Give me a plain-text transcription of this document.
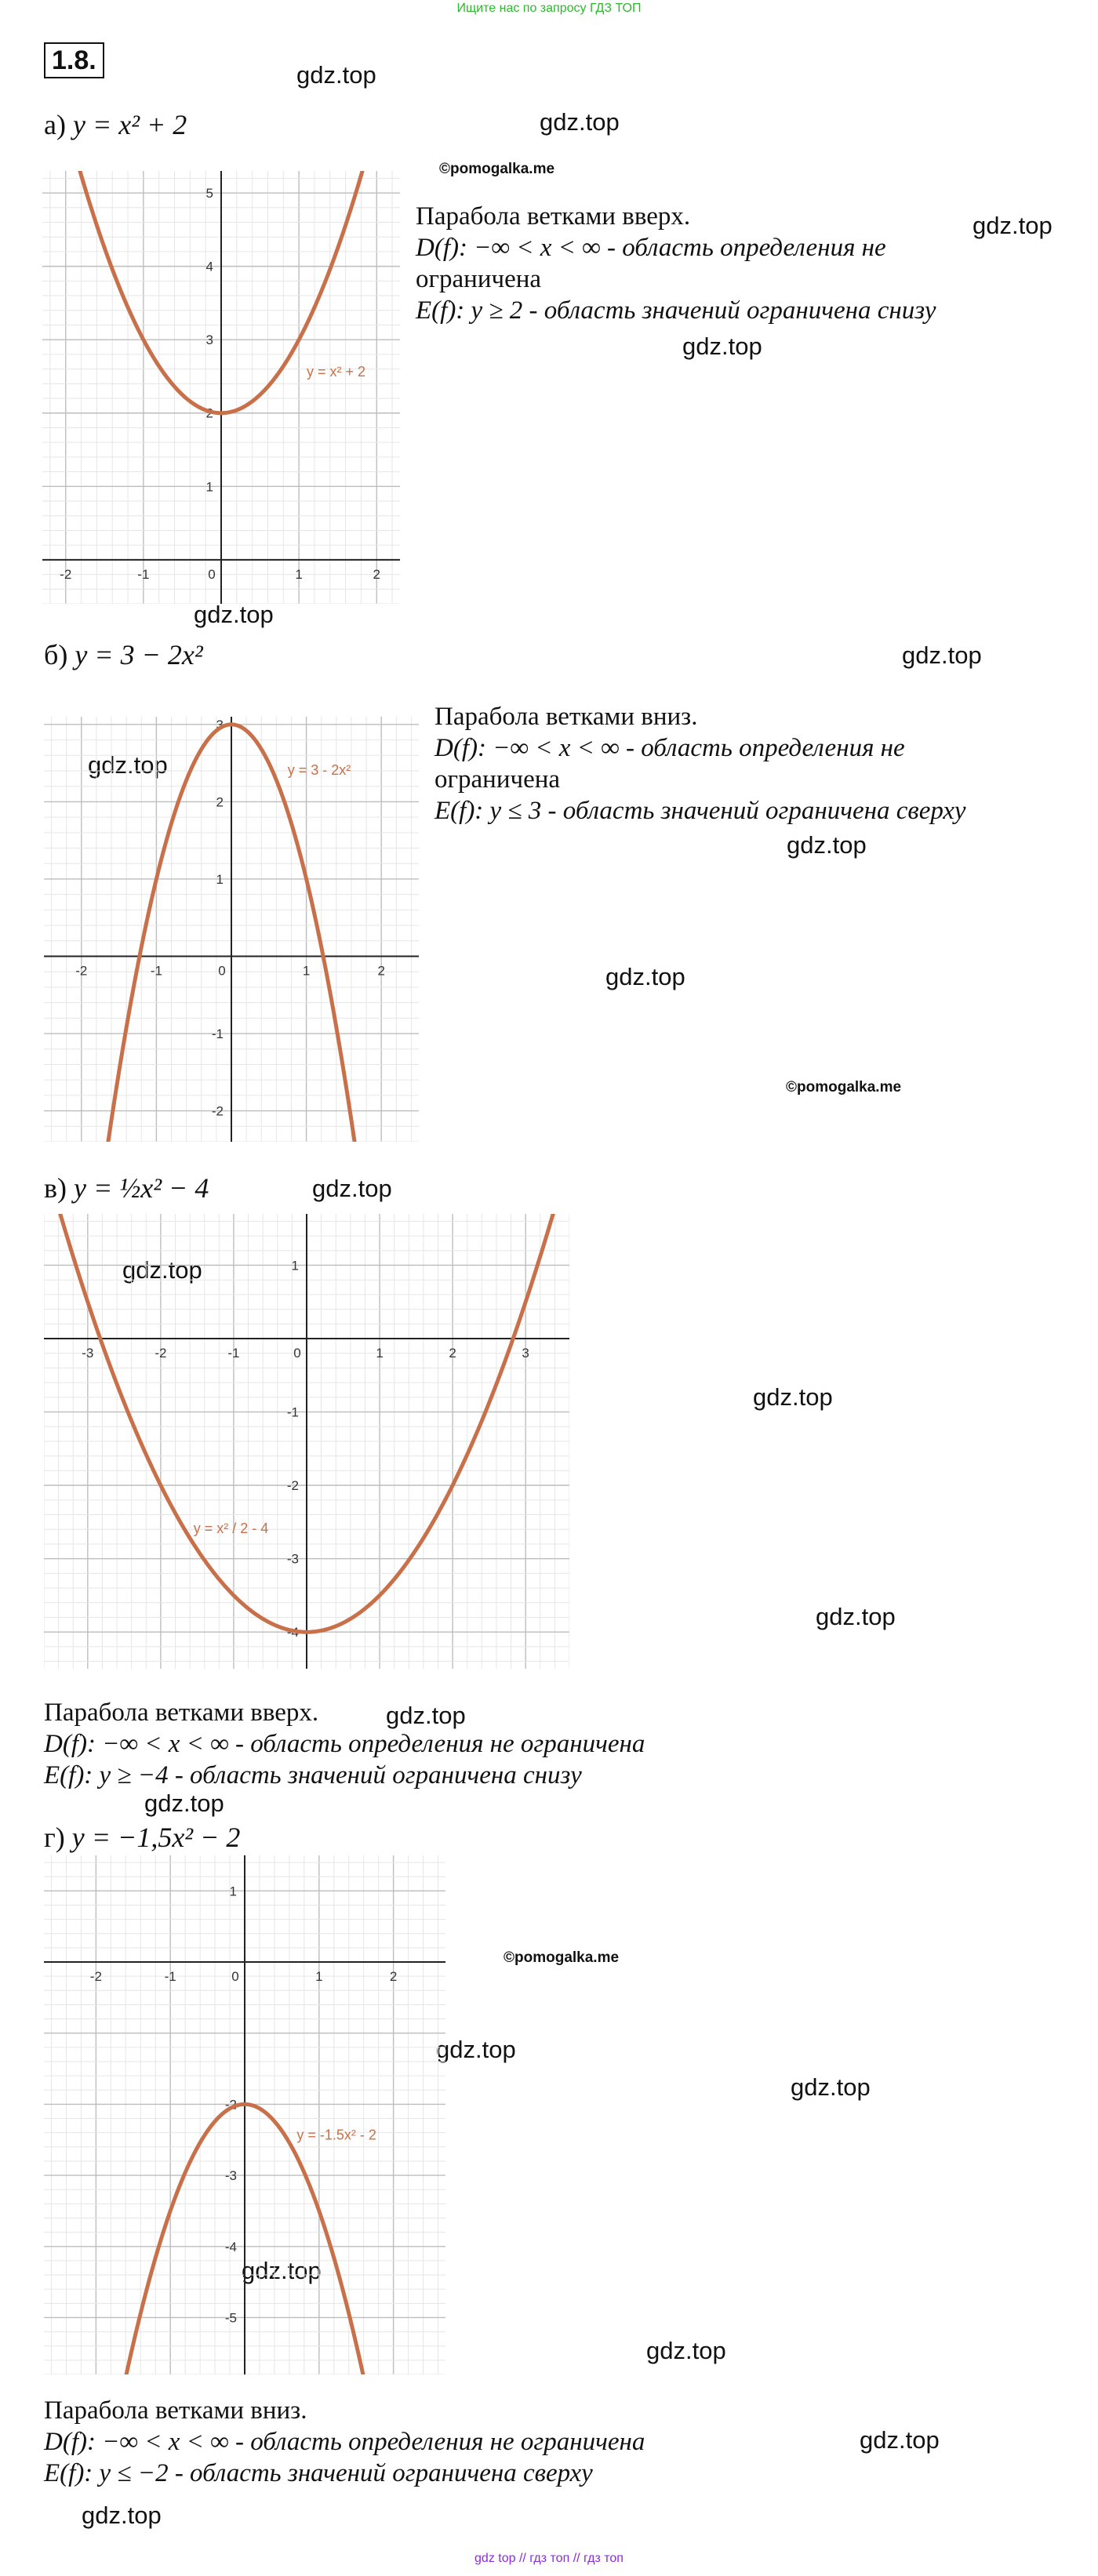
Ищите нас по запросу ГДЗ ТОП
1.8.	gdz.top
gdz.top
©pomogalka.me
gdz.top
gdz.top
gdz.top
gdz.top
gdz.top
gdz.top
gdz.top
©pomogalka.me
gdz.top
gdz.top
gdz.top
gdz.top
gdz.top
gdz.top
©pomogalka.me
gdz.top
gdz.top
gdz.top
gdz.top
gdz.top
gdz.top
а) y = x² + 2
-2	-1	0	1	2
1
2
3
4
5
y = x² + 2
Парабола ветками вверх.
D(f): −∞ < x < ∞ - область определения не
ограничена
E(f): y ≥ 2 - область значений ограничена снизу
б) y = 3 − 2x²
-2	-1	0	1	2
-2
-1
1
2
3
y = 3 - 2x²
Парабола ветками вниз.
D(f): −∞ < x < ∞ - область определения не
ограничена
E(f): y ≤ 3 - область значений ограничена сверху
в) y = ½x² − 4
-3	-2	-1	0	1	2	3
-4
-3
-2
-1
1
y = x² / 2 - 4
Парабола ветками вверх.
D(f): −∞ < x < ∞ - область определения не ограничена
E(f): y ≥ −4 - область значений ограничена снизу
г) y = −1,5x² − 2
-2	-1	0	1	2
-5
-4
-3
-2
1
y = -1.5x² - 2
Парабола ветками вниз.
D(f): −∞ < x < ∞ - область определения не ограничена
E(f): y ≤ −2 - область значений ограничена сверху
gdz top // гдз топ // гдз топ
